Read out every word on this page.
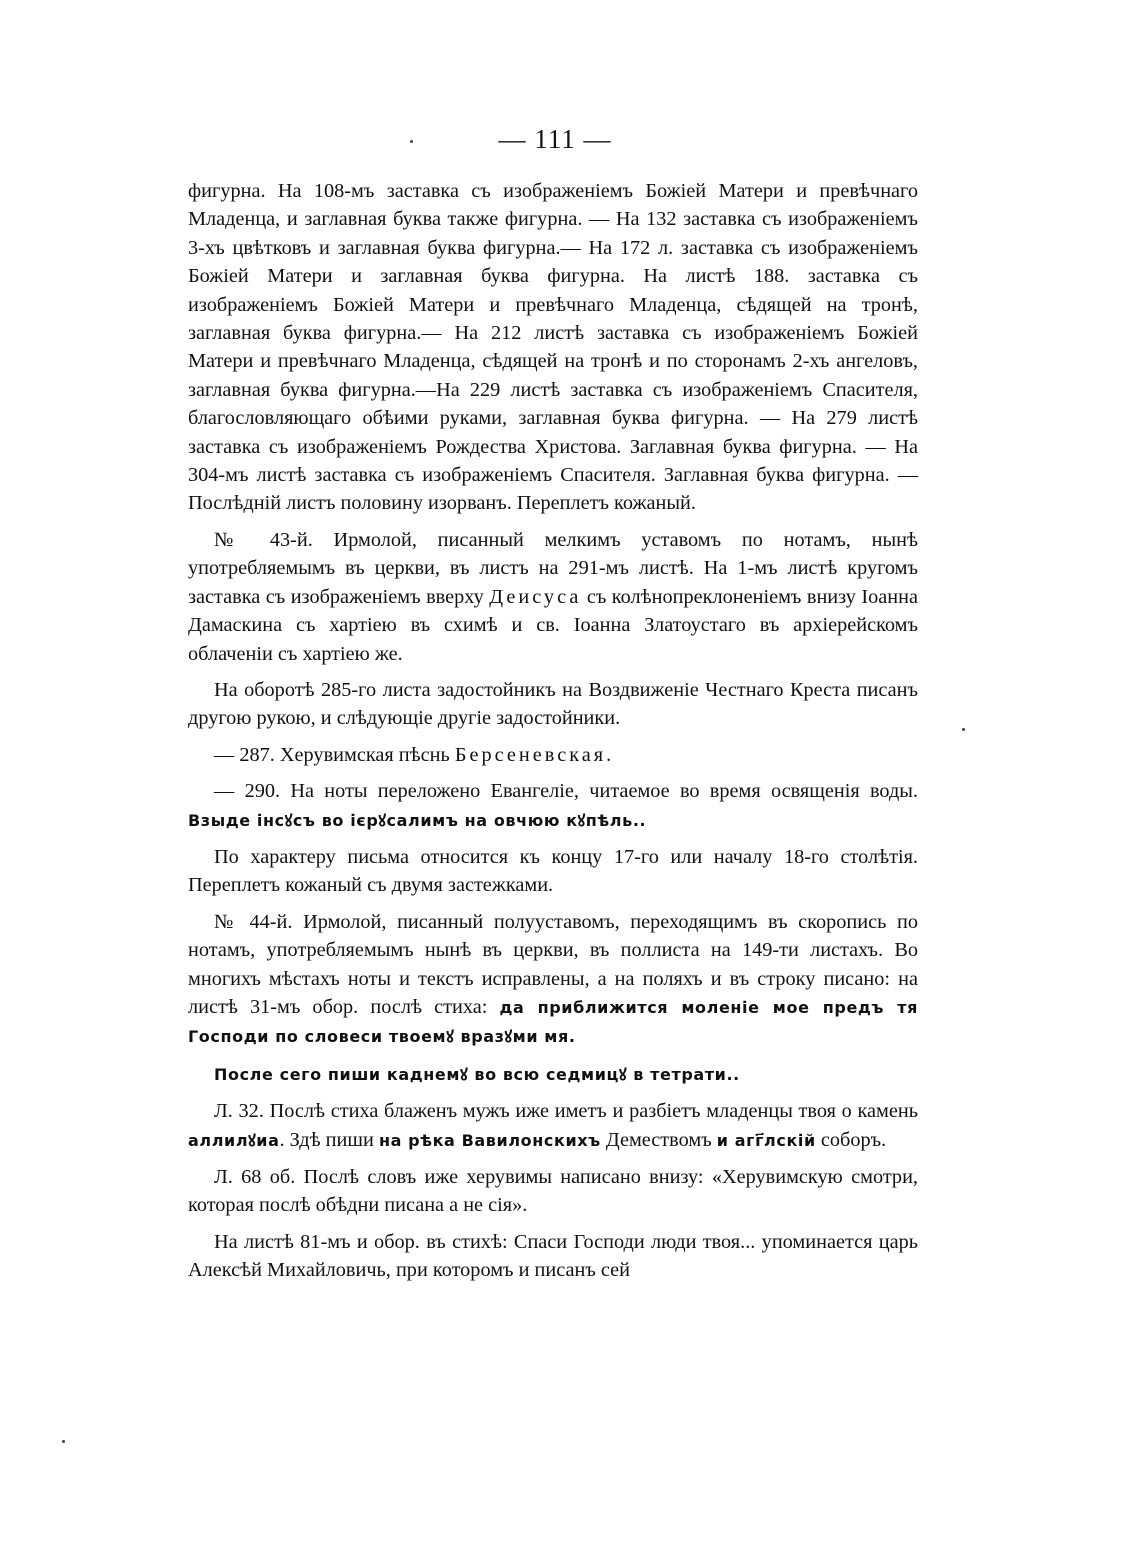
— 111 —

фигурна. На 108-мъ заставка съ изображеніемъ Божіей Матери и превѣчнаго Младенца, и заглавная буква также фигурна. — На 132 заставка съ изображеніемъ 3-хъ цвѣтковъ и заглавная буква фигурна.— На 172 л. заставка съ изображеніемъ Божіей Матери и заглавная буква фигурна. На листѣ 188. заставка съ изображеніемъ Божіей Матери и превѣчнаго Младенца, сѣдящей на тронѣ, заглавная буква фигурна.— На 212 листѣ заставка съ изображеніемъ Божіей Матери и превѣчнаго Младенца, сѣдящей на тронѣ и по сторонамъ 2-хъ ангеловъ, заглавная буква фигурна.—На 229 листѣ заставка съ изображеніемъ Спасителя, благословляющаго обѣими руками, заглавная буква фигурна. — На 279 листѣ заставка съ изображеніемъ Рождества Христова. Заглавная буква фигурна. — На 304-мъ листѣ заставка съ изображеніемъ Спасителя. Заглавная буква фигурна. — Послѣдній листъ половину изорванъ. Переплетъ кожаный.

№ 43-й. Ирмолой, писанный мелкимъ уставомъ по нотамъ, нынѣ употребляемымъ въ церкви, въ листъ на 291-мъ листѣ. На 1-мъ листѣ кругомъ заставка съ изображеніемъ вверху Деисуса съ колѣнопреклоненіемъ внизу Іоанна Дамаскина съ хартіею въ схимѣ и св. Іоанна Златоустаго въ архіерейскомъ облаченіи съ хартіею же.

На оборотѣ 285-го листа задостойникъ на Воздвиженіе Честнаго Креста писанъ другою рукою, и слѣдующіе другіе задостойники.

— 287. Херувимская пѣснь Берсеневская.

— 290. На ноты переложено Евангеліе, читаемое во время освященія воды. Взыде інсꙋсъ во ієрꙋсалимъ на овчюю кꙋпѣль..

По характеру письма относится къ концу 17-го или началу 18-го столѣтія. Переплетъ кожаный съ двумя застежками.

№ 44-й. Ирмолой, писанный полууставомъ, переходящимъ въ скоропись по нотамъ, употребляемымъ нынѣ въ церкви, въ поллиста на 149-ти листахъ. Во многихъ мѣстахъ ноты и текстъ исправлены, а на поляхъ и въ строку писано: на листѣ 31-мъ обор. послѣ стиха: да приближится моленіе мое предъ тя Господи по словеси твоемꙋ вразꙋми мя.

После сего пиши каднемꙋ во всю седмицꙋ в тетрати..

Л. 32. Послѣ стиха блаженъ мужъ иже иметъ и разбіетъ младенцы твоя о камень аллилꙋиа. Здѣ пиши на рѣка Вавилонскихъ Демествомъ и агг҃лскій соборъ.

Л. 68 об. Послѣ словъ иже херувимы написано внизу: «Херувимскую смотри, которая послѣ обѣдни писана а не сія».

На листѣ 81-мъ и обор. въ стихѣ: Спаси Господи люди твоя... упоминается царь Алексѣй Михайловичь, при которомъ и писанъ сей
